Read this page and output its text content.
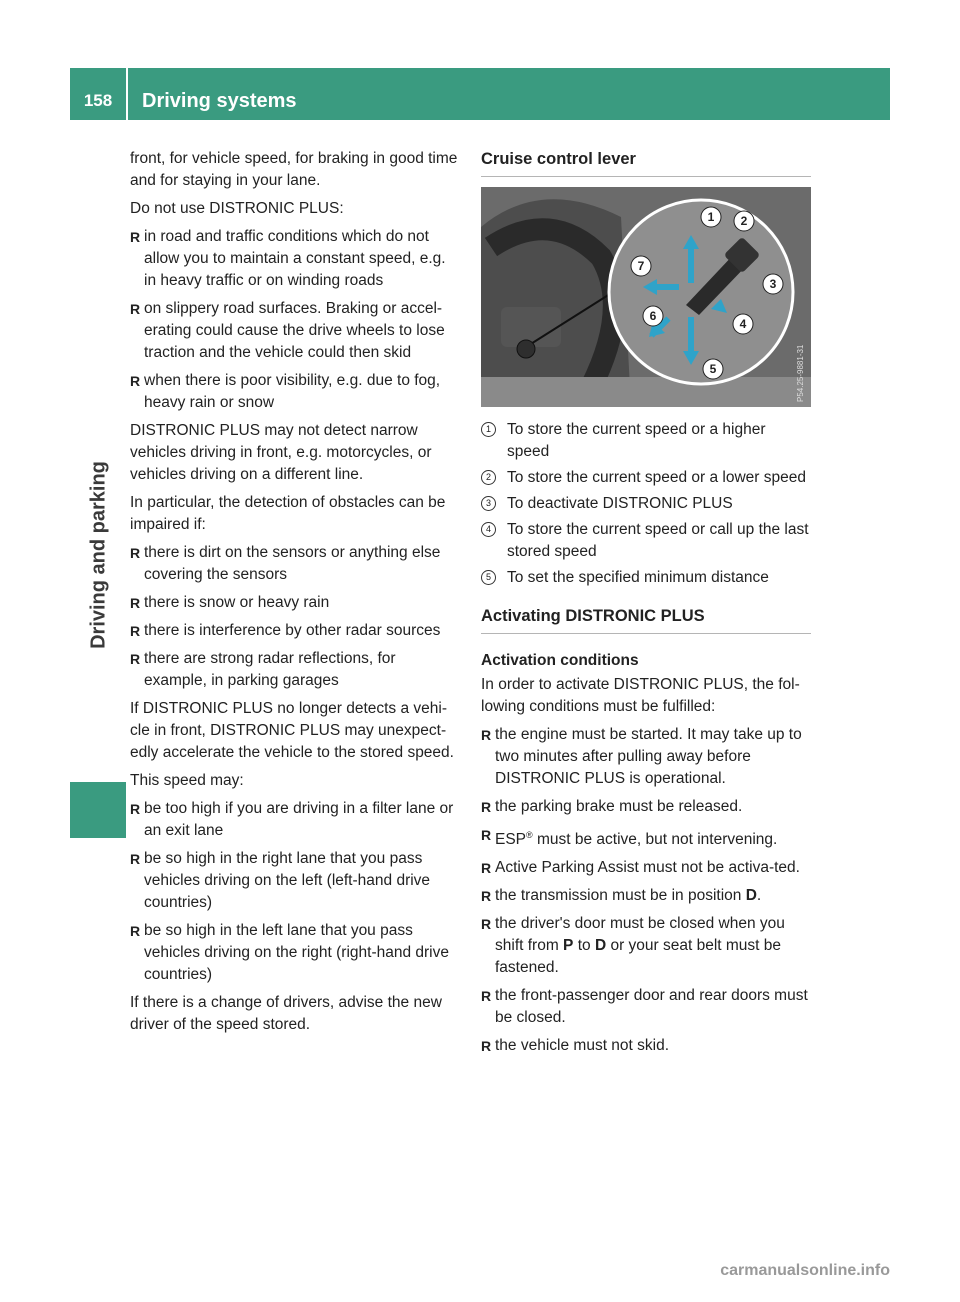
158	Driving systems
Driving and parking

front, for vehicle speed, for braking in good time and for staying in your lane.

Do not use DISTRONIC PLUS:

R in road and traffic conditions which do not allow you to maintain a constant speed, e.g. in heavy traffic or on winding roads
R on slippery road surfaces. Braking or accel-erating could cause the drive wheels to lose traction and the vehicle could then skid
R when there is poor visibility, e.g. due to fog, heavy rain or snow

DISTRONIC PLUS may not detect narrow vehicles driving in front, e.g. motorcycles, or vehicles driving on a different line.

In particular, the detection of obstacles can be impaired if:

R there is dirt on the sensors or anything else covering the sensors
R there is snow or heavy rain
R there is interference by other radar sources
R there are strong radar reflections, for example, in parking garages

If DISTRONIC PLUS no longer detects a vehi-cle in front, DISTRONIC PLUS may unexpect-edly accelerate the vehicle to the stored speed.

This speed may:

R be too high if you are driving in a filter lane or an exit lane
R be so high in the right lane that you pass vehicles driving on the left (left-hand drive countries)
R be so high in the left lane that you pass vehicles driving on the right (right-hand drive countries)

If there is a change of drivers, advise the new driver of the speed stored.

Cruise control lever
1 2
3
4
5
6
7
P54.25-9881-31
1	To store the current speed or a higher speed
2	To store the current speed or a lower speed
3	To deactivate DISTRONIC PLUS
4	To store the current speed or call up the last stored speed
5	To set the specified minimum distance
Activating DISTRONIC PLUS
Activation conditions

In order to activate DISTRONIC PLUS, the fol-lowing conditions must be fulfilled:

R the engine must be started. It may take up to two minutes after pulling away before DISTRONIC PLUS is operational.
R the parking brake must be released.
R ESP® must be active, but not intervening.
R Active Parking Assist must not be activa-ted.
R the transmission must be in position D.
R the driver's door must be closed when you shift from P to D or your seat belt must be fastened.
R the front-passenger door and rear doors must be closed.
R the vehicle must not skid.
carmanualsonline.info
